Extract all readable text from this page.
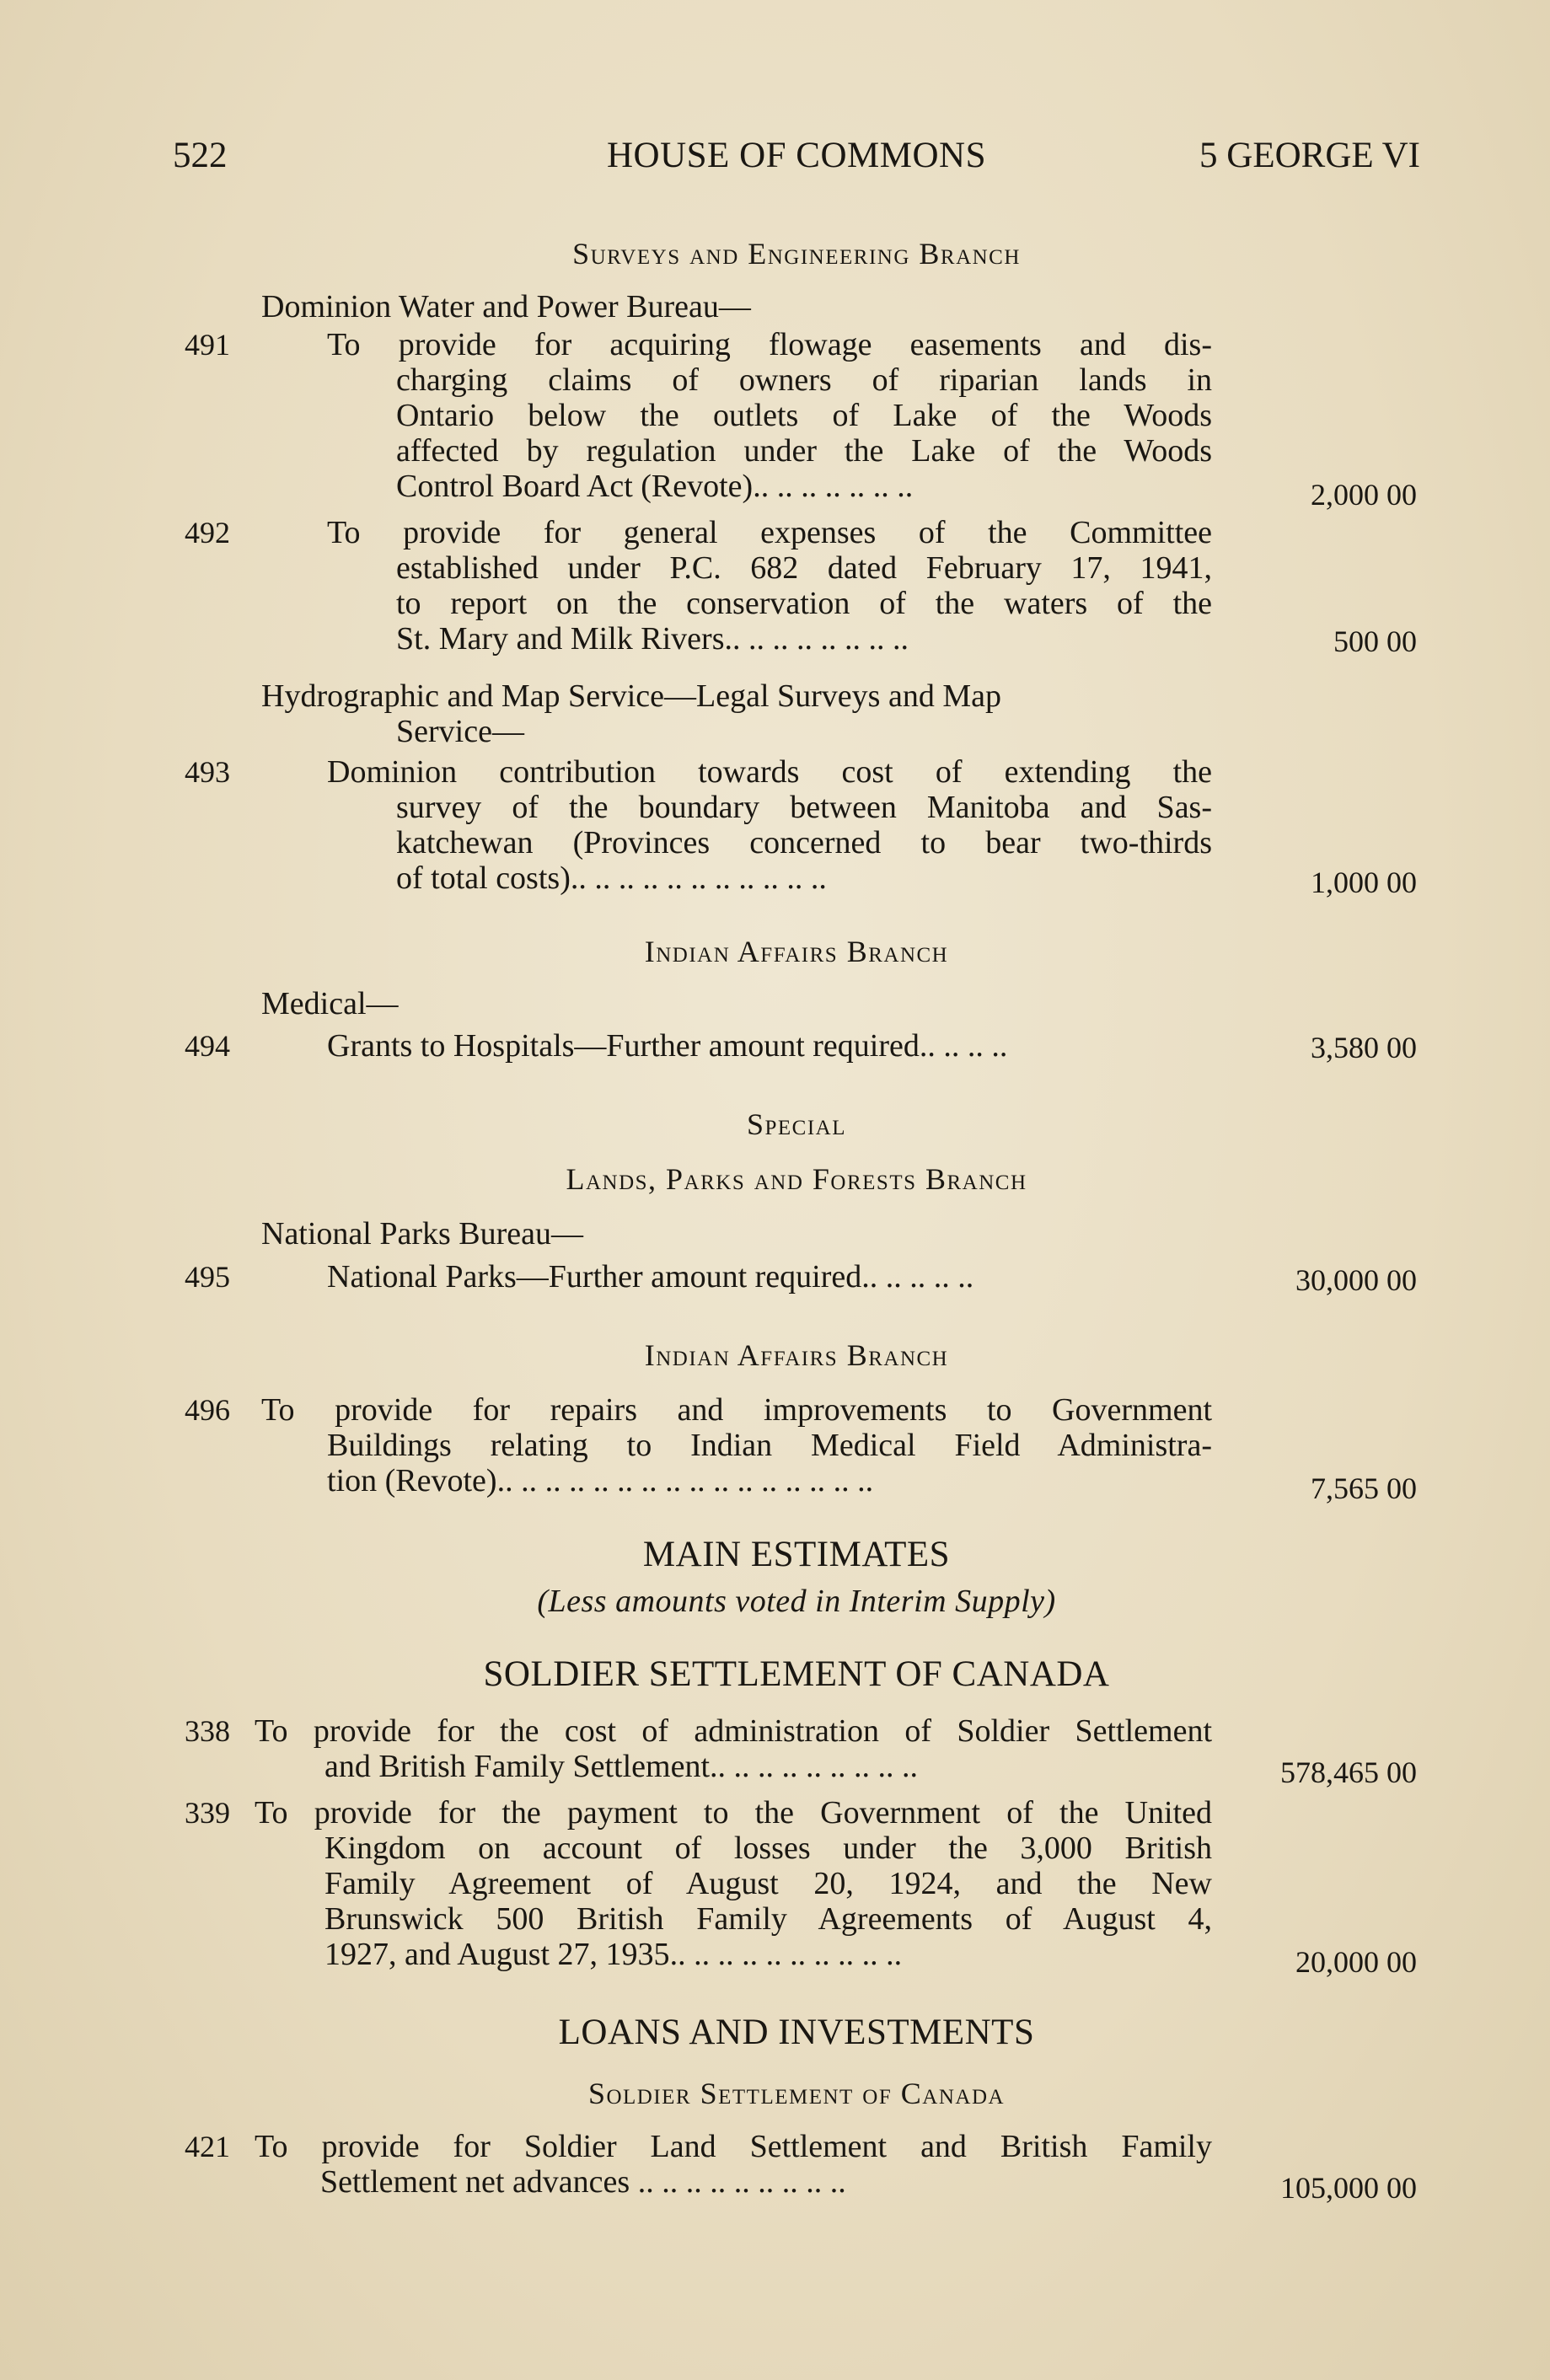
522	HOUSE OF COMMONS	5 GEORGE VI
Surveys and Engineering Branch
Dominion Water and Power Bureau—
491	To provide for acquiring flowage easements and dis-
charging claims of owners of riparian lands in
Ontario below the outlets of Lake of the Woods
affected by regulation under the Lake of the Woods
Control Board Act (Revote).. .. .. .. .. .. ..	2,000 00
492	To provide for general expenses of the Committee
established under P.C. 682 dated February 17, 1941,
to report on the conservation of the waters of the
St. Mary and Milk Rivers.. .. .. .. .. .. .. ..	500 00
Hydrographic and Map Service—Legal Surveys and Map
Service—
493	Dominion contribution towards cost of extending the
survey of the boundary between Manitoba and Sas-
katchewan (Provinces concerned to bear two-thirds
of total costs).. .. .. .. .. .. .. .. .. .. ..	1,000 00
Indian Affairs Branch
Medical—
494	Grants to Hospitals—Further amount required.. .. .. ..	3,580 00
Special
Lands, Parks and Forests Branch
National Parks Bureau—
495	National Parks—Further amount required.. .. .. .. ..	30,000 00
Indian Affairs Branch
496 To provide for repairs and improvements to Government
Buildings relating to Indian Medical Field Administra-
tion (Revote).. .. .. .. .. .. .. .. .. .. .. .. .. .. .. ..	7,565 00
MAIN ESTIMATES
(Less amounts voted in Interim Supply)
SOLDIER SETTLEMENT OF CANADA
338 To provide for the cost of administration of Soldier Settlement
and British Family Settlement.. .. .. .. .. .. .. .. ..	578,465 00
339 To provide for the payment to the Government of the United
Kingdom on account of losses under the 3,000 British
Family Agreement of August 20, 1924, and the New
Brunswick 500 British Family Agreements of August 4,
1927, and August 27, 1935.. .. .. .. .. .. .. .. .. ..	20,000 00
LOANS AND INVESTMENTS
Soldier Settlement of Canada
421 To provide for Soldier Land Settlement and British Family
Settlement net advances .. .. .. .. .. .. .. .. ..	105,000 00
